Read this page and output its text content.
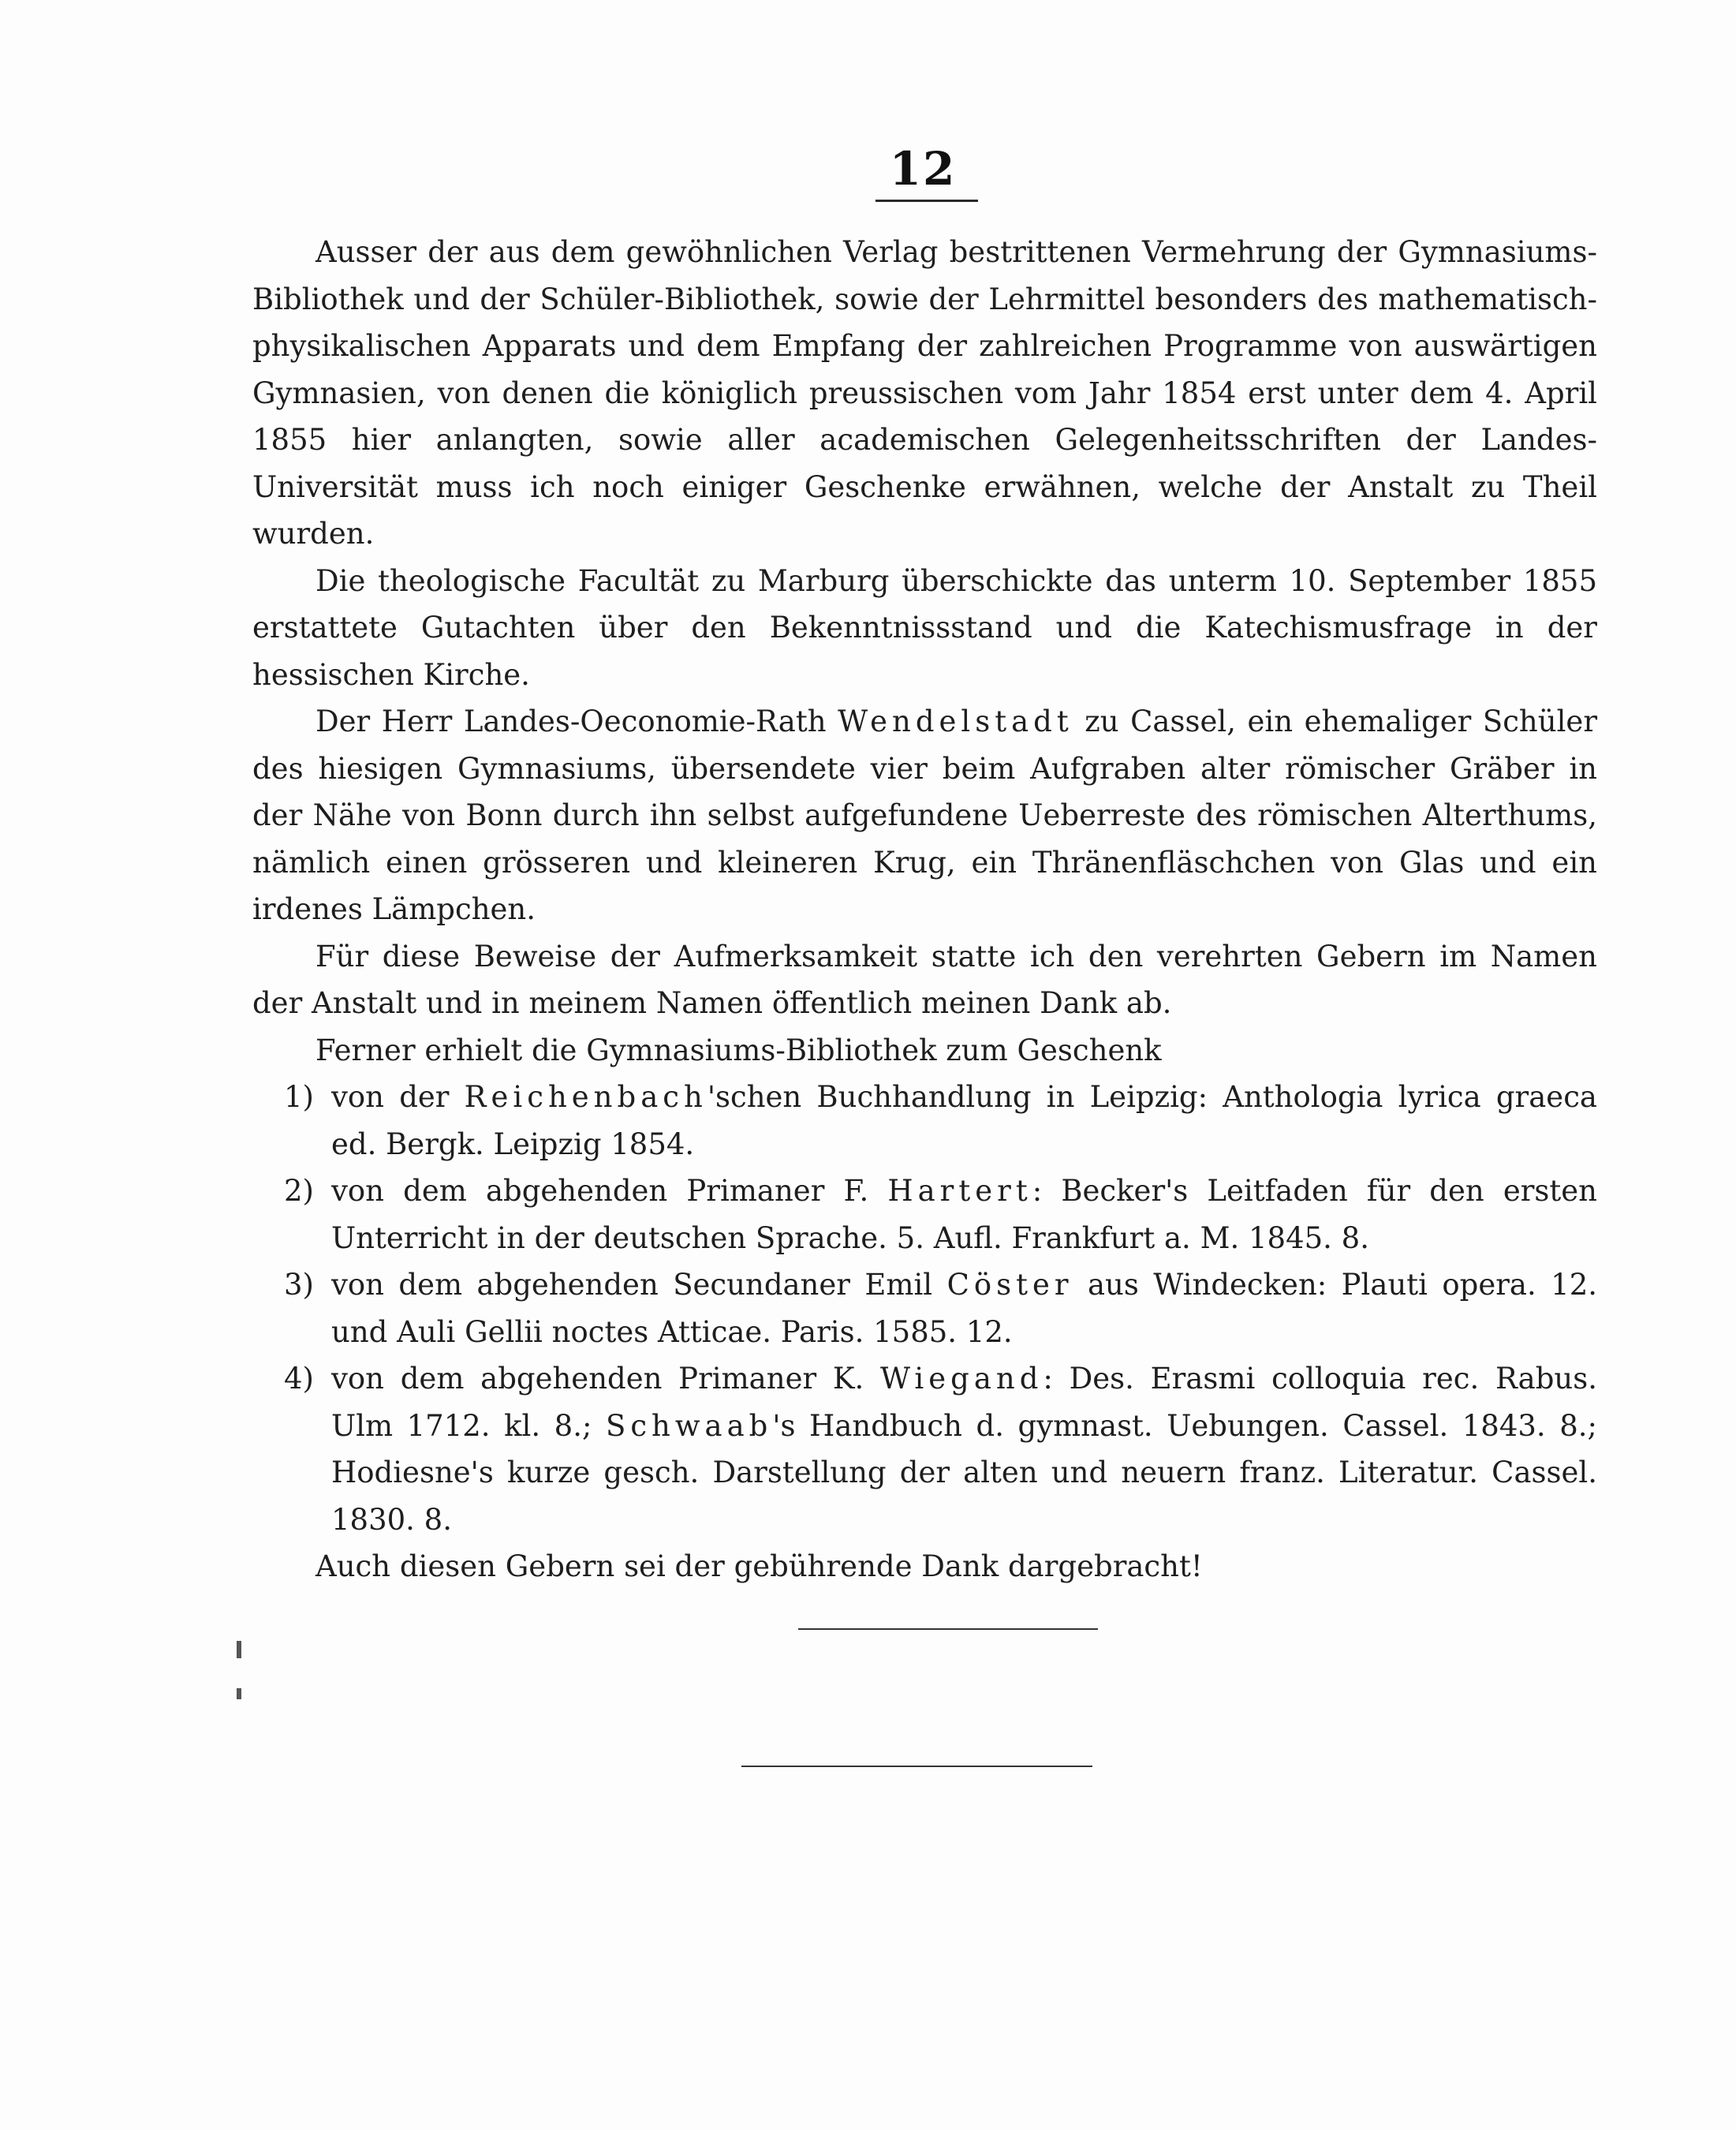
12

Ausser der aus dem gewöhnlichen Verlag bestrittenen Vermehrung der Gymnasiums-Bibliothek und der Schüler-Bibliothek, sowie der Lehrmittel besonders des mathematisch-physikalischen Apparats und dem Empfang der zahlreichen Programme von auswärtigen Gymnasien, von denen die königlich preussischen vom Jahr 1854 erst unter dem 4. April 1855 hier anlangten, sowie aller academischen Gelegenheitsschriften der Landes-Universität muss ich noch einiger Geschenke erwähnen, welche der Anstalt zu Theil wurden.

Die theologische Facultät zu Marburg überschickte das unterm 10. September 1855 erstattete Gutachten über den Bekenntnissstand und die Katechismusfrage in der hessischen Kirche.

Der Herr Landes-Oeconomie-Rath Wendelstadt zu Cassel, ein ehemaliger Schüler des hiesigen Gymnasiums, übersendete vier beim Aufgraben alter römischer Gräber in der Nähe von Bonn durch ihn selbst aufgefundene Ueberreste des römischen Alterthums, nämlich einen grösseren und kleineren Krug, ein Thränenfläschchen von Glas und ein irdenes Lämpchen.

Für diese Beweise der Aufmerksamkeit statte ich den verehrten Gebern im Namen der Anstalt und in meinem Namen öffentlich meinen Dank ab.

Ferner erhielt die Gymnasiums-Bibliothek zum Geschenk

1) von der Reichenbach'schen Buchhandlung in Leipzig: Anthologia lyrica graeca ed. Bergk. Leipzig 1854.

2) von dem abgehenden Primaner F. Hartert: Becker's Leitfaden für den ersten Unterricht in der deutschen Sprache. 5. Aufl. Frankfurt a. M. 1845. 8.

3) von dem abgehenden Secundaner Emil Cöster aus Windecken: Plauti opera. 12. und Auli Gellii noctes Atticae. Paris. 1585. 12.

4) von dem abgehenden Primaner K. Wiegand: Des. Erasmi colloquia rec. Rabus. Ulm 1712. kl. 8.; Schwaab's Handbuch d. gymnast. Uebungen. Cassel. 1843. 8.; Hodiesne's kurze gesch. Darstellung der alten und neuern franz. Literatur. Cassel. 1830. 8.

Auch diesen Gebern sei der gebührende Dank dargebracht!
